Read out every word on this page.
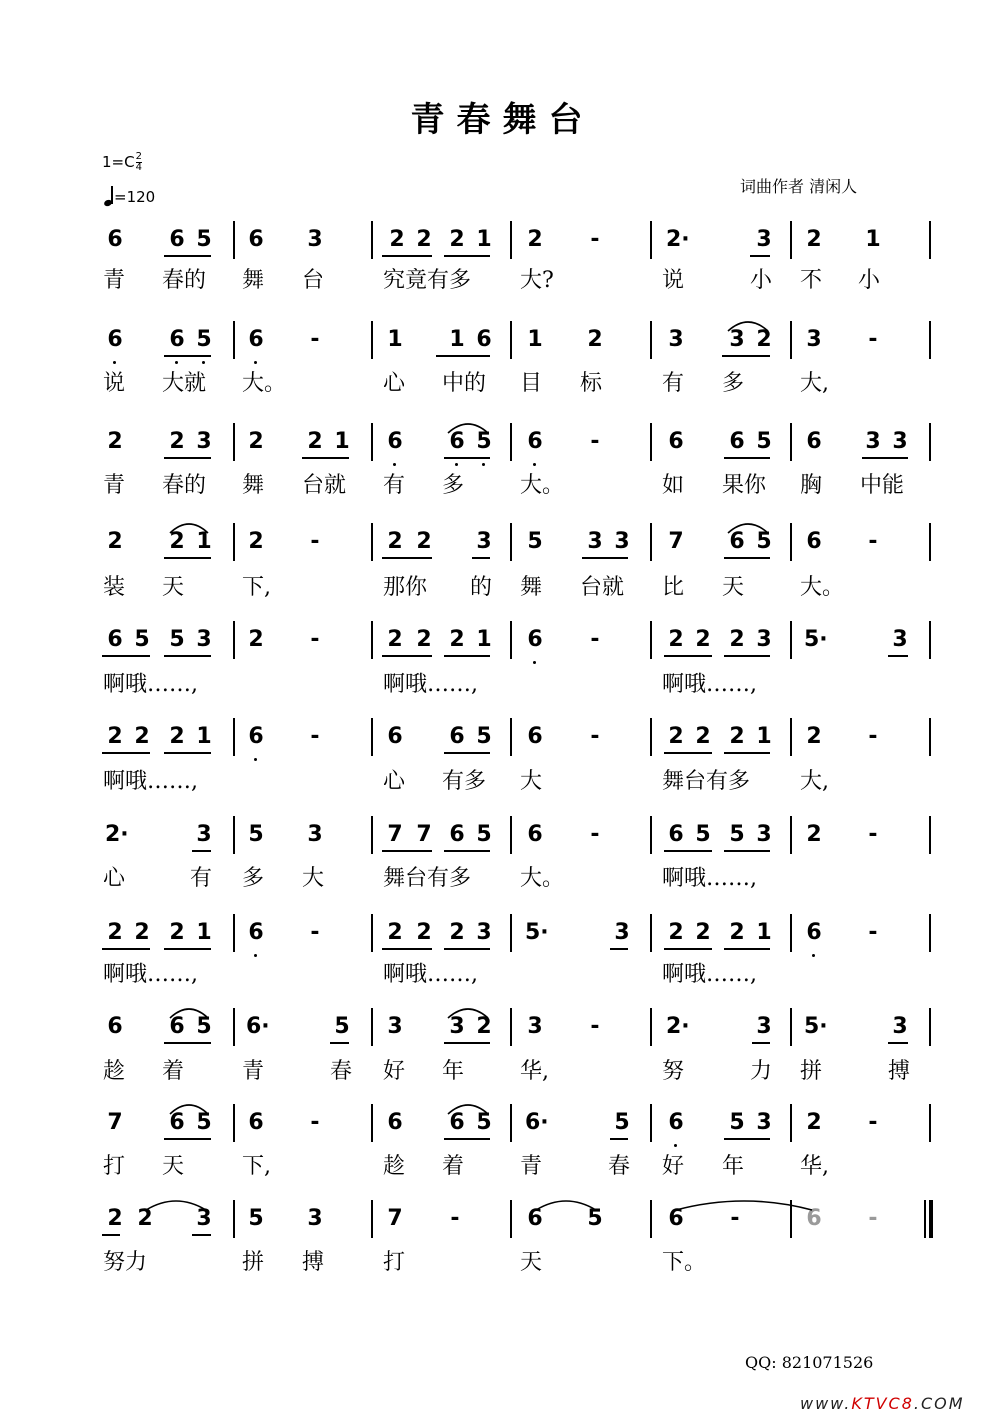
青春舞台
$1=C \frac{2}{4}$
=120
词曲作者 清闲人
6 6 5 6 3	2 2 2 1 2 -	2·	3 2 1
青 春的 舞 台	究竟有多 大?	说	小 不 小
6 6 5 6 -	1 1 6 1 2	3 3 2 3 -
说 大就 大。	心 中的 目 标	有 多	大,
2 2 3 2 2 1 6 6 5 6 -	6 6 5 6 3 3
青 春的 舞 台就 有 多	大。	如 果你 胸 中能
2 2 1 2 -	2 2 3 5 3 3 7 6 5 6 -
装 天	下,	那你 的 舞 台就 比 天	大。
6 5 5 3 2 -	2 2 2 1 6 -	2 2 2 3 5·	3
啊哦……,	啊哦……,	啊哦……,
2 2 2 1 6 -	6 6 5 6 -	2 2 2 1 2 -
啊哦……,	心 有多 大	舞台有多 大,
2·	3 5 3	7 7 6 5 6 -	6 5 5 3 2 -
心	有 多 大	舞台有多 大。	啊哦……,
2 2 2 1 6 -	2 2 2 3 5·	3 2 2 2 1 6 -
啊哦……,	啊哦……,	啊哦……,
6 6 5 6·	5 3 3 2 3 -	2·	3 5·	3
趁 着	青	春 好 年	华,	努	力 拼	搏
7 6 5 6 -	6 6 5 6·	5 6 5 3 2 -
打 天	下,	趁 着	青	春 好 年	华,
2 2 3 5 3	7 -	6 5	6 -	6 -
努力	拼 搏	打	天	下。
QQ: 821071526
www.KTVC8.COM
